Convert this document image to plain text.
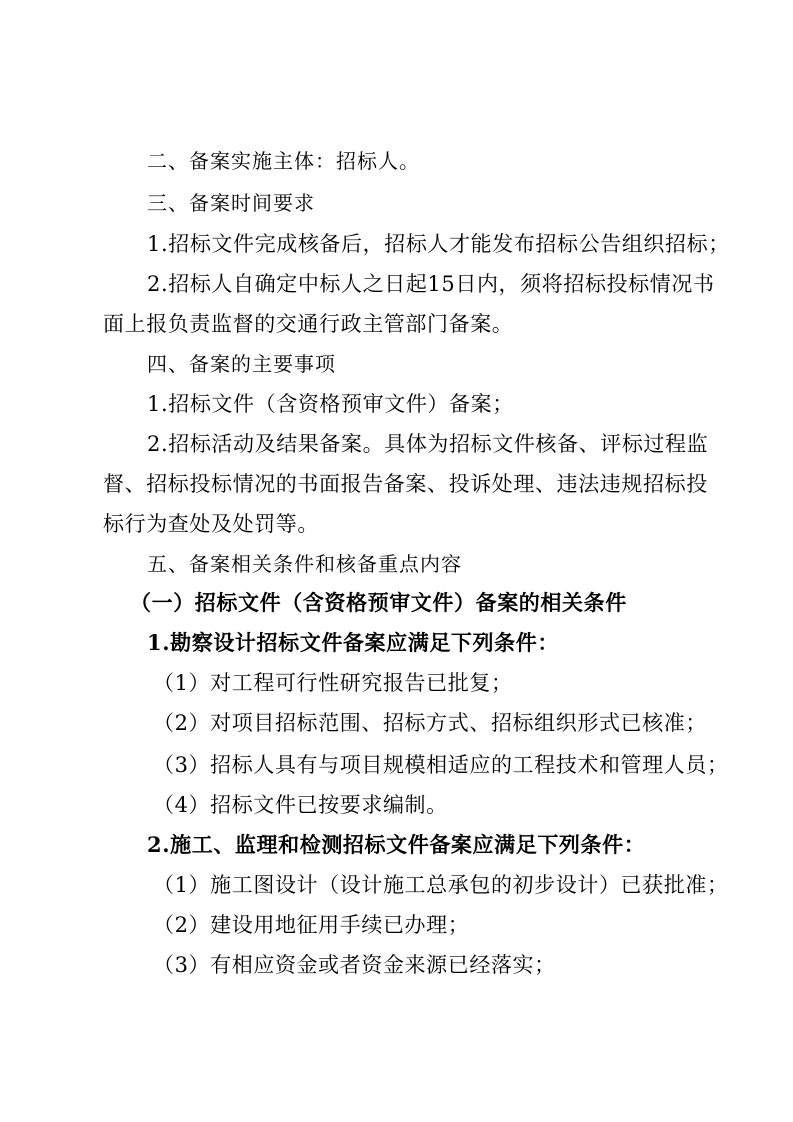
二、备案实施主体：招标人。

三、备案时间要求

1.招标文件完成核备后，招标人才能发布招标公告组织招标；

2.招标人自确定中标人之日起15日内，须将招标投标情况书

面上报负责监督的交通行政主管部门备案。

四、备案的主要事项

1.招标文件（含资格预审文件）备案；

2.招标活动及结果备案。具体为招标文件核备、评标过程监

督、招标投标情况的书面报告备案、投诉处理、违法违规招标投

标行为查处及处罚等。

五、备案相关条件和核备重点内容

（一）招标文件（含资格预审文件）备案的相关条件

1.勘察设计招标文件备案应满足下列条件：

（1）对工程可行性研究报告已批复；

（2）对项目招标范围、招标方式、招标组织形式已核准；

（3）招标人具有与项目规模相适应的工程技术和管理人员；

（4）招标文件已按要求编制。

2.施工、监理和检测招标文件备案应满足下列条件：

（1）施工图设计（设计施工总承包的初步设计）已获批准；

（2）建设用地征用手续已办理；

（3）有相应资金或者资金来源已经落实；
